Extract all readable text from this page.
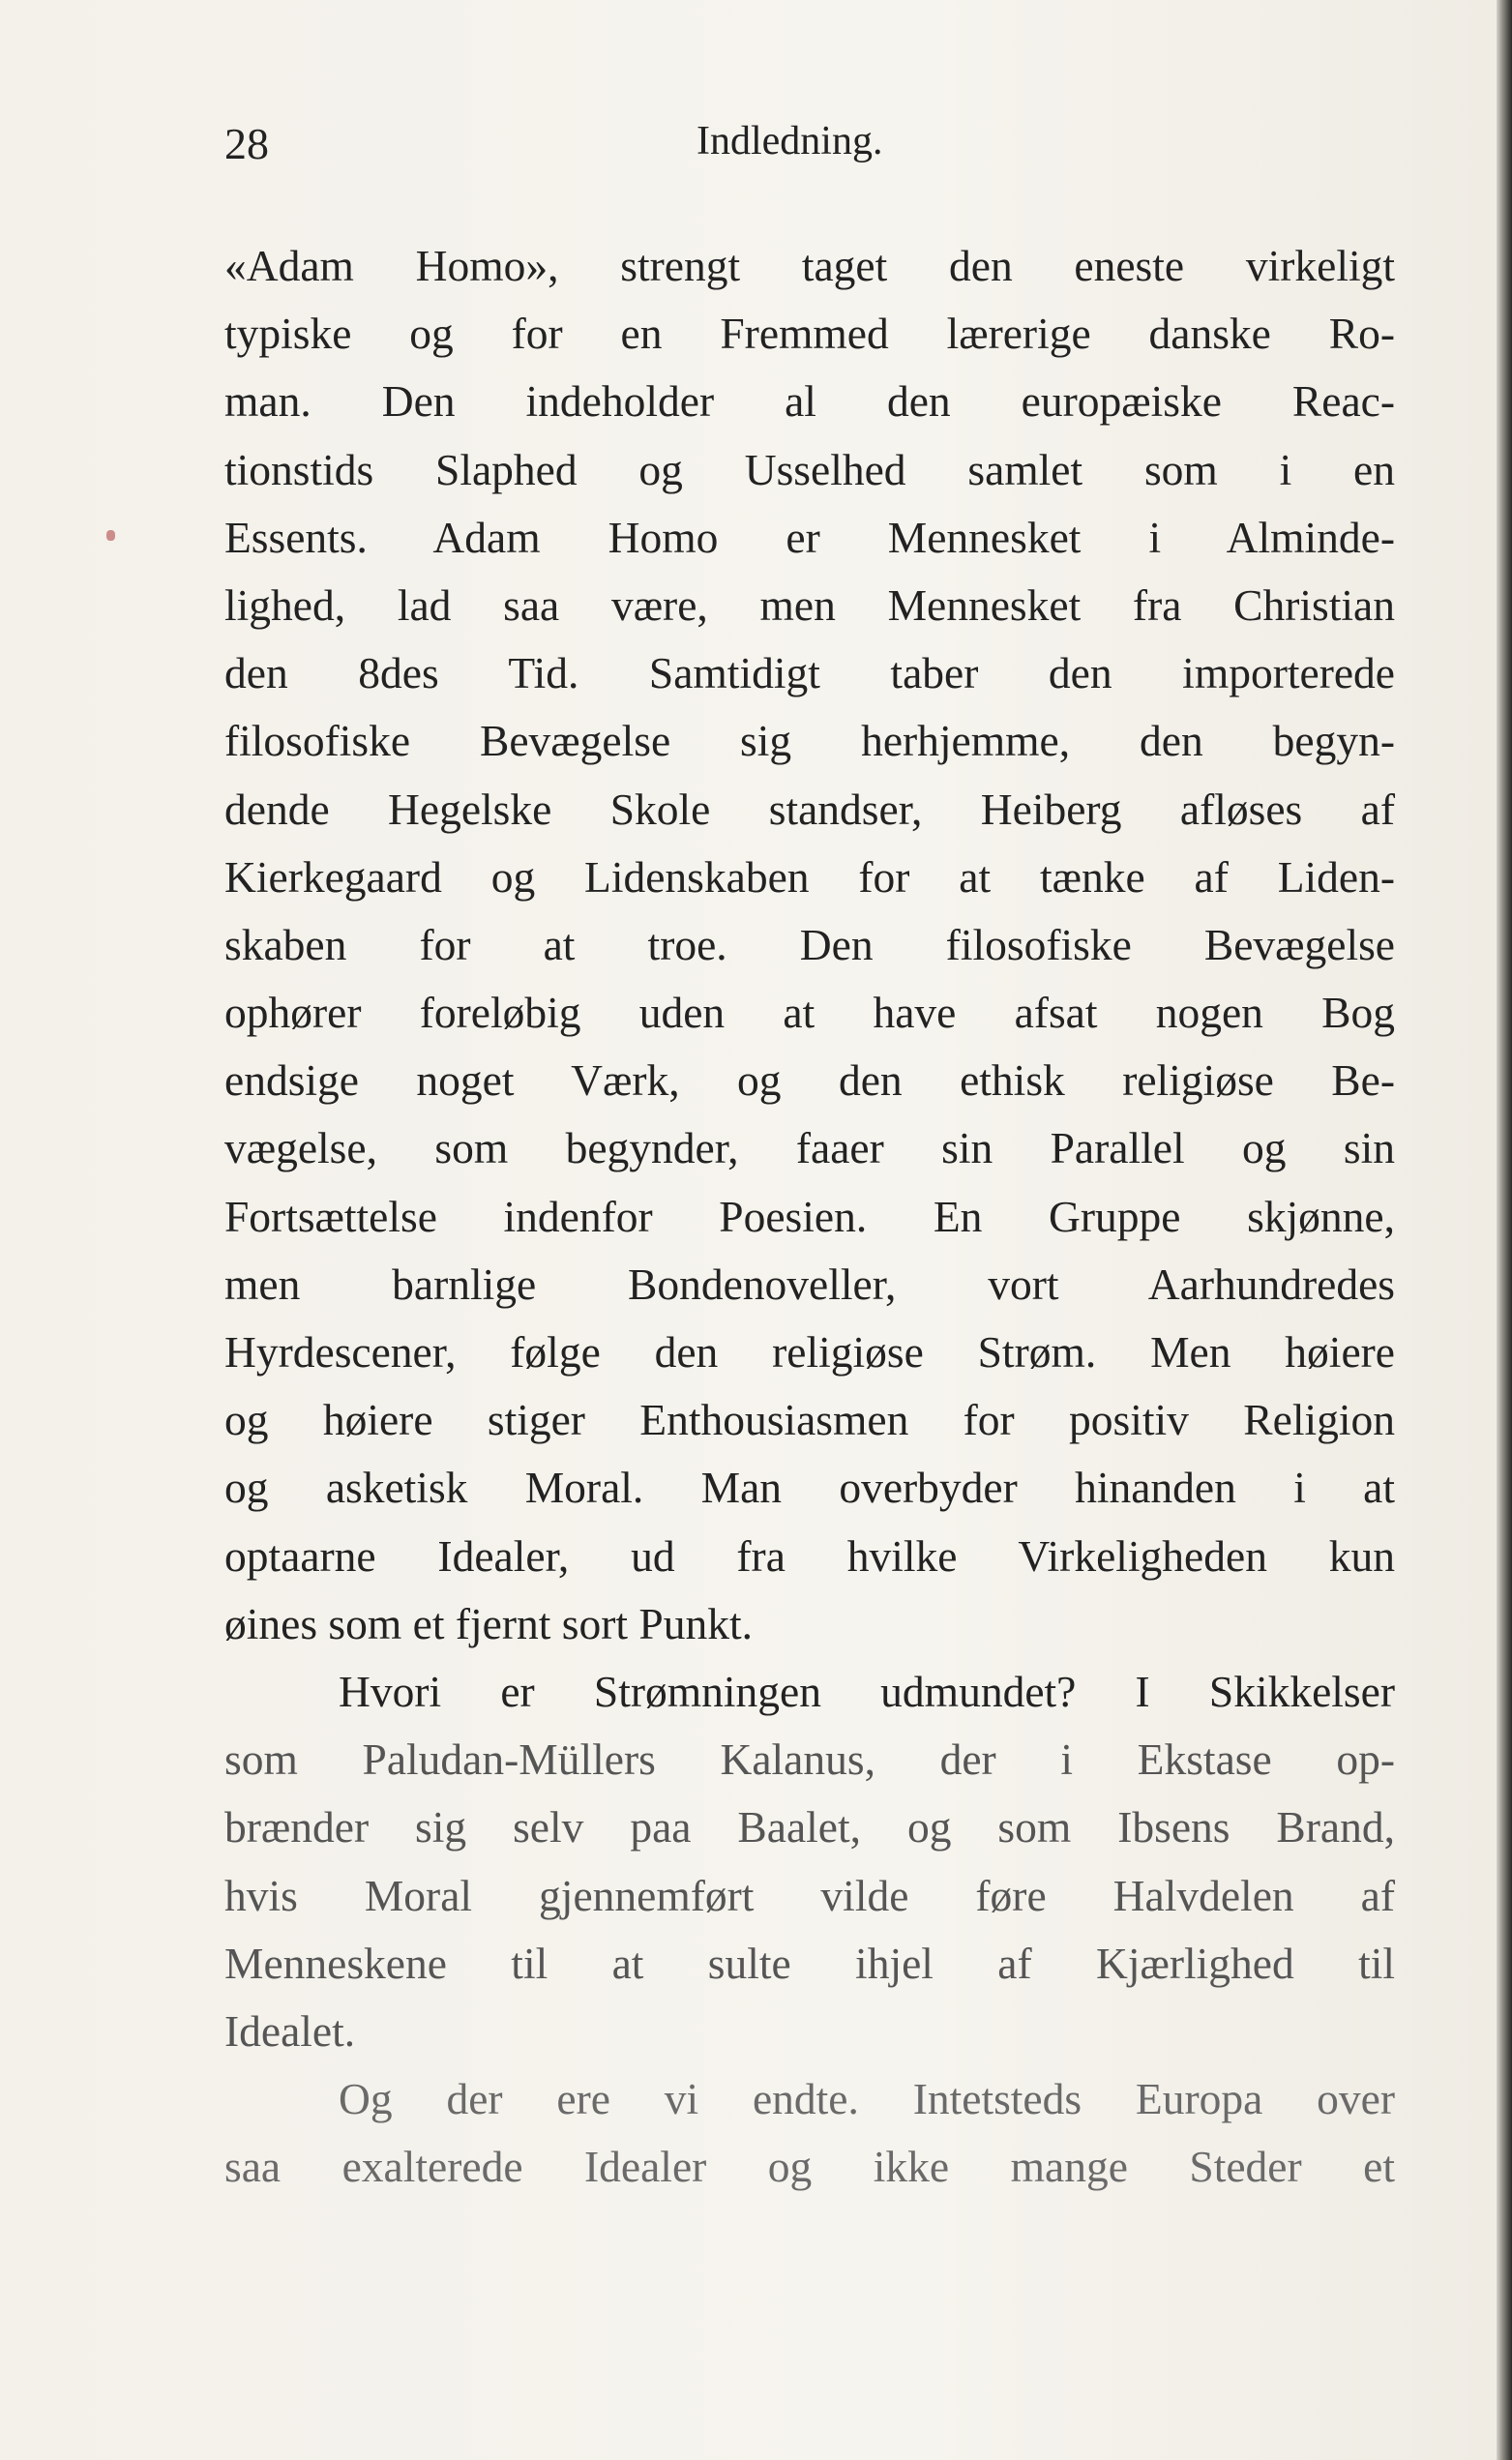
28	Indledning.
«Adam Homo», strengt taget den eneste virkeligt
typiske og for en Fremmed lærerige danske Ro-
man. Den indeholder al den europæiske Reac-
tionstids Slaphed og Usselhed samlet som i en
Essents. Adam Homo er Mennesket i Alminde-
lighed, lad saa være, men Mennesket fra Christian
den 8des Tid. Samtidigt taber den importerede
filosofiske Bevægelse sig herhjemme, den begyn-
dende Hegelske Skole standser, Heiberg afløses af
Kierkegaard og Lidenskaben for at tænke af Liden-
skaben for at troe. Den filosofiske Bevægelse
ophører foreløbig uden at have afsat nogen Bog
endsige noget Værk, og den ethisk religiøse Be-
vægelse, som begynder, faaer sin Parallel og sin
Fortsættelse indenfor Poesien. En Gruppe skjønne,
men barnlige Bondenoveller, vort Aarhundredes
Hyrdescener, følge den religiøse Strøm. Men høiere
og høiere stiger Enthousiasmen for positiv Religion
og asketisk Moral. Man overbyder hinanden i at
optaarne Idealer, ud fra hvilke Virkeligheden kun
øines som et fjernt sort Punkt.
Hvori er Strømningen udmundet? I Skikkelser
som Paludan-Müllers Kalanus, der i Ekstase op-
brænder sig selv paa Baalet, og som Ibsens Brand,
hvis Moral gjennemført vilde føre Halvdelen af
Menneskene til at sulte ihjel af Kjærlighed til
Idealet.
Og der ere vi endte. Intetsteds Europa over
saa exalterede Idealer og ikke mange Steder et
